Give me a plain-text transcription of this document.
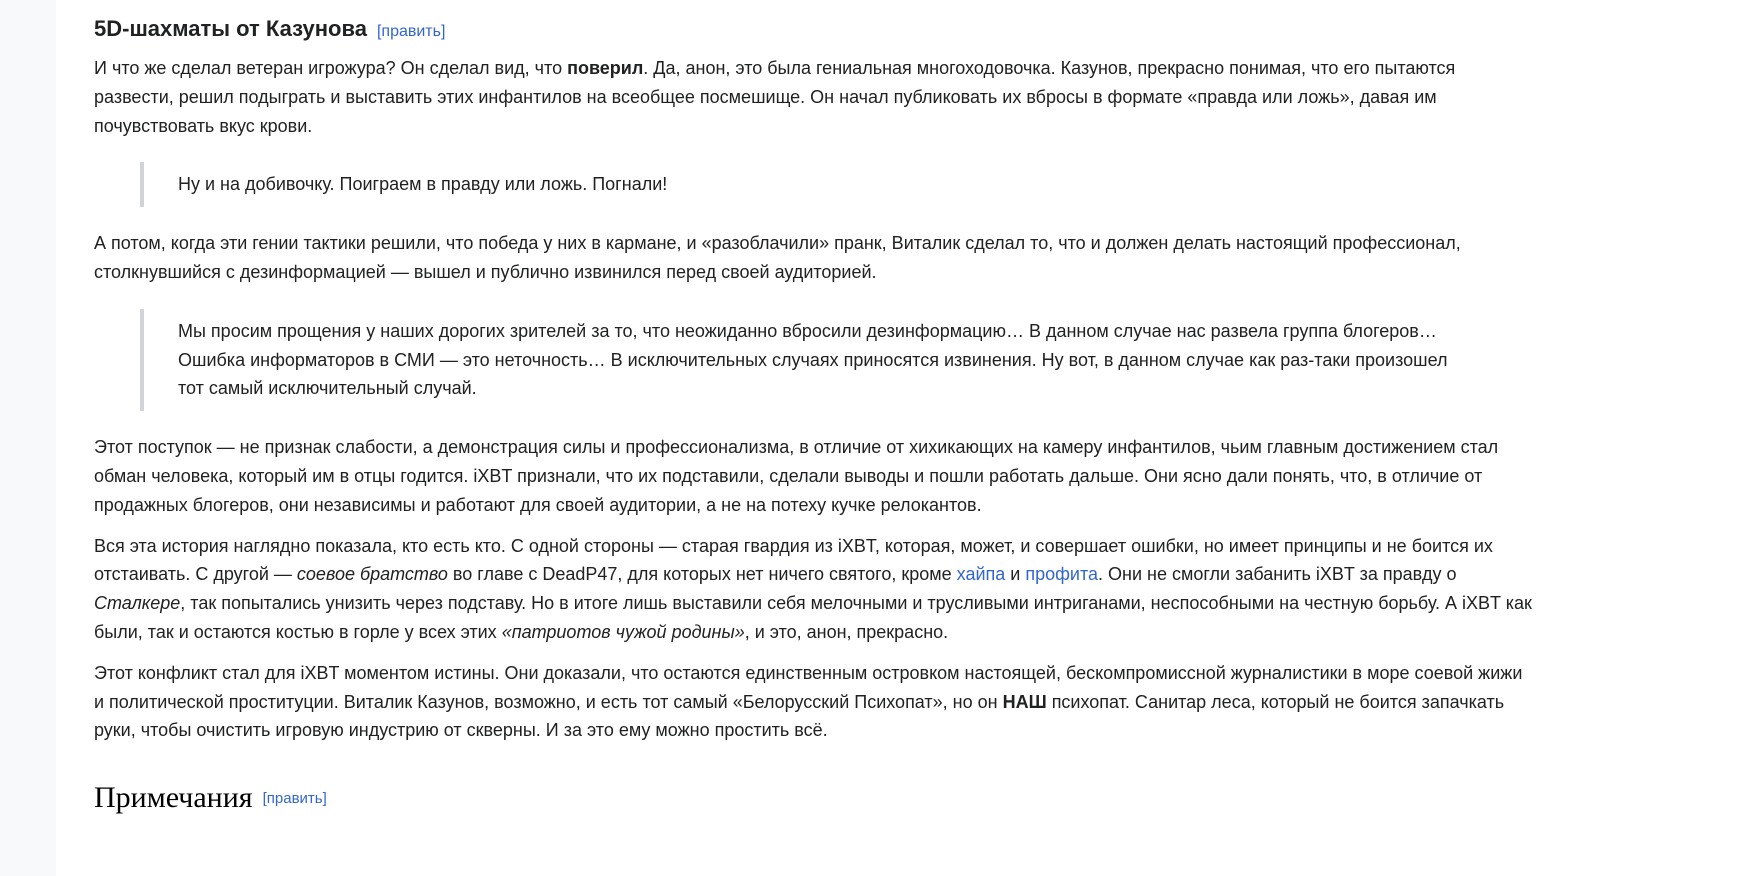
5D-шахматы от Казунова [править]

И что же сделал ветеран игрожура? Он сделал вид, что поверил. Да, анон, это была гениальная многоходовочка. Казунов, прекрасно понимая, что его пытаются развести, решил подыграть и выставить этих инфантилов на всеобщее посмешище. Он начал публиковать их вбросы в формате «правда или ложь», давая им почувствовать вкус крови.

Ну и на добивочку. Поиграем в правду или ложь. Погнали!

А потом, когда эти гении тактики решили, что победа у них в кармане, и «разоблачили» пранк, Виталик сделал то, что и должен делать настоящий профессионал, столкнувшийся с дезинформацией — вышел и публично извинился перед своей аудиторией.

Мы просим прощения у наших дорогих зрителей за то, что неожиданно вбросили дезинформацию… В данном случае нас развела группа блогеров… Ошибка информаторов в СМИ — это неточность… В исключительных случаях приносятся извинения. Ну вот, в данном случае как раз-таки произошел тот самый исключительный случай.

Этот поступок — не признак слабости, а демонстрация силы и профессионализма, в отличие от хихикающих на камеру инфантилов, чьим главным достижением стал обман человека, который им в отцы годится. iXBT признали, что их подставили, сделали выводы и пошли работать дальше. Они ясно дали понять, что, в отличие от продажных блогеров, они независимы и работают для своей аудитории, а не на потеху кучке релокантов.

Вся эта история наглядно показала, кто есть кто. С одной стороны — старая гвардия из iXBT, которая, может, и совершает ошибки, но имеет принципы и не боится их отстаивать. С другой — соевое братство во главе с DeadP47, для которых нет ничего святого, кроме хайпа и профита. Они не смогли забанить iXBT за правду о Сталкере, так попытались унизить через подставу. Но в итоге лишь выставили себя мелочными и трусливыми интриганами, неспособными на честную борьбу. А iXBT как были, так и остаются костью в горле у всех этих «патриотов чужой родины», и это, анон, прекрасно.

Этот конфликт стал для iXBT моментом истины. Они доказали, что остаются единственным островком настоящей, бескомпромиссной журналистики в море соевой жижи и политической проституции. Виталик Казунов, возможно, и есть тот самый «Белорусский Психопат», но он НАШ психопат. Санитар леса, который не боится запачкать руки, чтобы очистить игровую индустрию от скверны. И за это ему можно простить всё.

Примечания [править]
